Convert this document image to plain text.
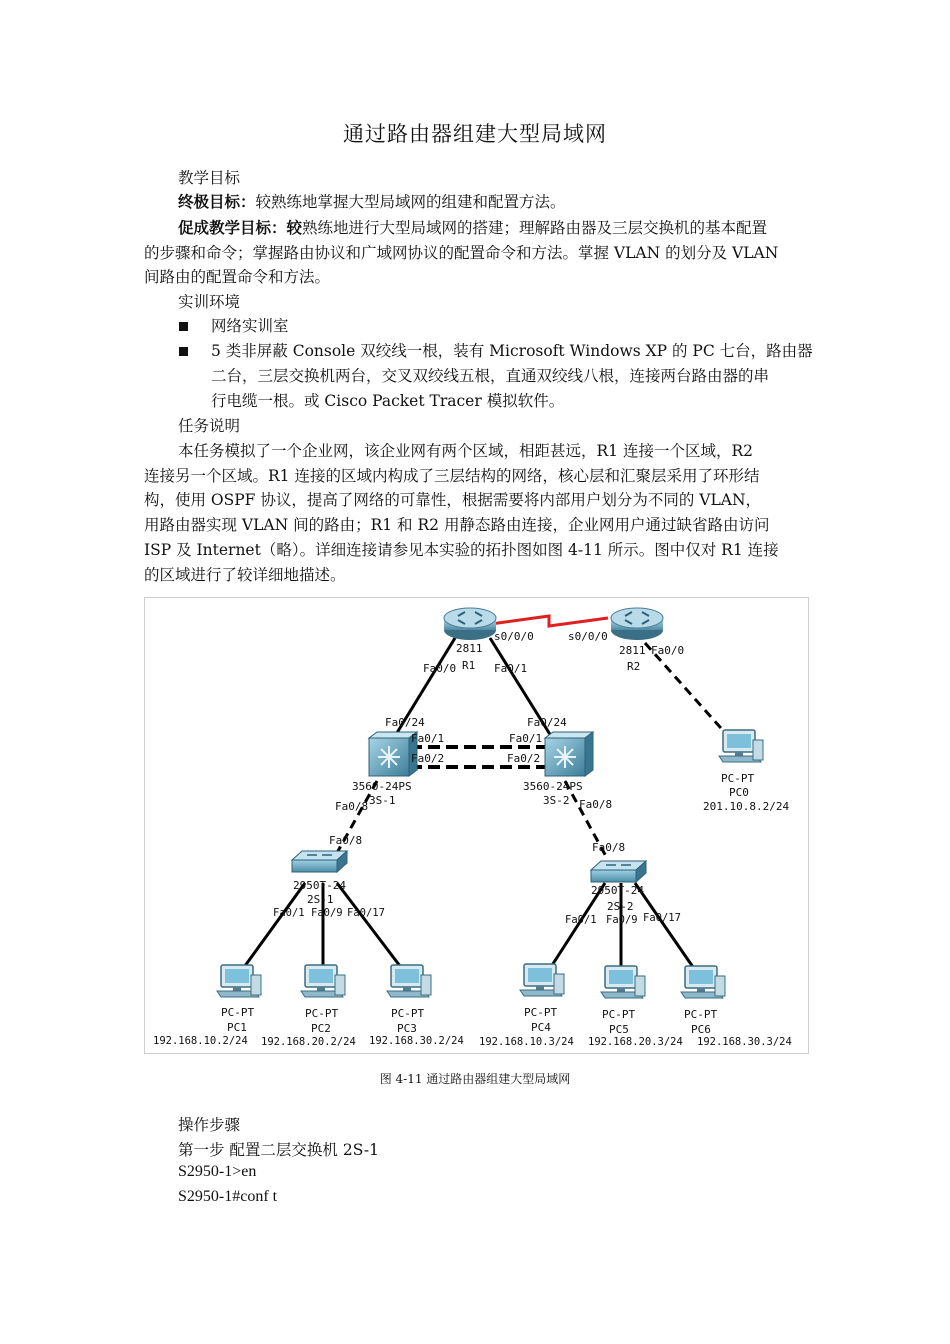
通过路由器组建大型局域网
教学目标
终极目标：较熟练地掌握大型局域网的组建和配置方法。
促成教学目标：较熟练地进行大型局域网的搭建；理解路由器及三层交换机的基本配置
的步骤和命令；掌握路由协议和广域网协议的配置命令和方法。掌握 VLAN 的划分及 VLAN
间路由的配置命令和方法。
实训环境
网络实训室
5 类非屏蔽 Console 双绞线一根，装有 Microsoft Windows XP 的 PC 七台，路由器
二台，三层交换机两台，交叉双绞线五根，直通双绞线八根，连接两台路由器的串
行电缆一根。或 Cisco Packet Tracer 模拟软件。
任务说明
本任务模拟了一个企业网，该企业网有两个区域，相距甚远，R1 连接一个区域，R2
连接另一个区域。R1 连接的区域内构成了三层结构的网络，核心层和汇聚层采用了环形结
构，使用 OSPF 协议，提高了网络的可靠性，根据需要将内部用户划分为不同的 VLAN，
用路由器实现 VLAN 间的路由；R1 和 R2 用静态路由连接，企业网用户通过缺省路由访问
ISP 及 Internet（略）。详细连接请参见本实验的拓扑图如图 4-11 所示。图中仅对 R1 连接
的区域进行了较详细地描述。
2811
R1
s0/0/0
Fa0/0	Fa0/1
s0/0/0
2811
R2
Fa0/0
Fa0/24
Fa0/1
Fa0/2
3560-24PS
3S-1
Fa0/8
Fa0/24
Fa0/1
Fa0/2
3560-24PS
3S-2 Fa0/8
PC-PT
PC0
201.10.8.2/24
Fa0/8
2950T-24
2S-1
Fa0/1 Fa0/9 Fa0/17
Fa0/8
2950T-24
2S-2
Fa0/1 Fa0/9 Fa0/17
PC-PT
PC1
192.168.10.2/24
PC-PT
PC2
192.168.20.2/24
PC-PT
PC3
192.168.30.2/24
PC-PT
PC4
192.168.10.3/24
PC-PT
PC5
192.168.20.3/24
PC-PT
PC6
192.168.30.3/24
图 4-11 通过路由器组建大型局域网
操作步骤
第一步 配置二层交换机 2S-1
S2950-1>en
S2950-1#conf t
